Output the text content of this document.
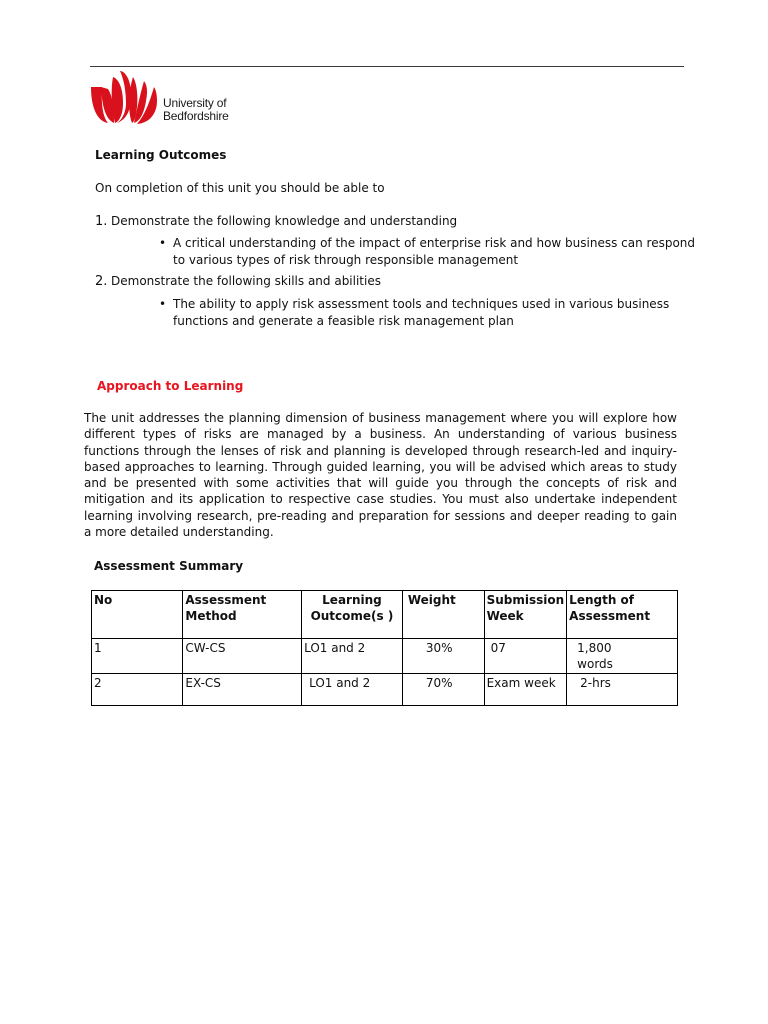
University of
Bedfordshire
Learning Outcomes
On completion of this unit you should be able to
1. Demonstrate the following knowledge and understanding
• A critical understanding of the impact of enterprise risk and how business can respond
to various types of risk through responsible management
2. Demonstrate the following skills and abilities
• The ability to apply risk assessment tools and techniques used in various business
functions and generate a feasible risk management plan
Approach to Learning
The unit addresses the planning dimension of business management where you will explore how different types of risks are managed by a business. An understanding of various business functions through the lenses of risk and planning is developed through research-led and inquiry-based approaches to learning. Through guided learning, you will be advised which areas to study and be presented with some activities that will guide you through the concepts of risk and mitigation and its application to respective case studies. You must also undertake independent learning involving research, pre-reading and preparation for sessions and deeper reading to gain a more detailed understanding.
Assessment Summary
No	Assessment Method	Learning Outcome(s )	Weight	Submission Week	Length of Assessment
1	CW-CS	LO1 and 2	30%	07	1,800 words
2	EX-CS	LO1 and 2	70%	Exam week	2-hrs
